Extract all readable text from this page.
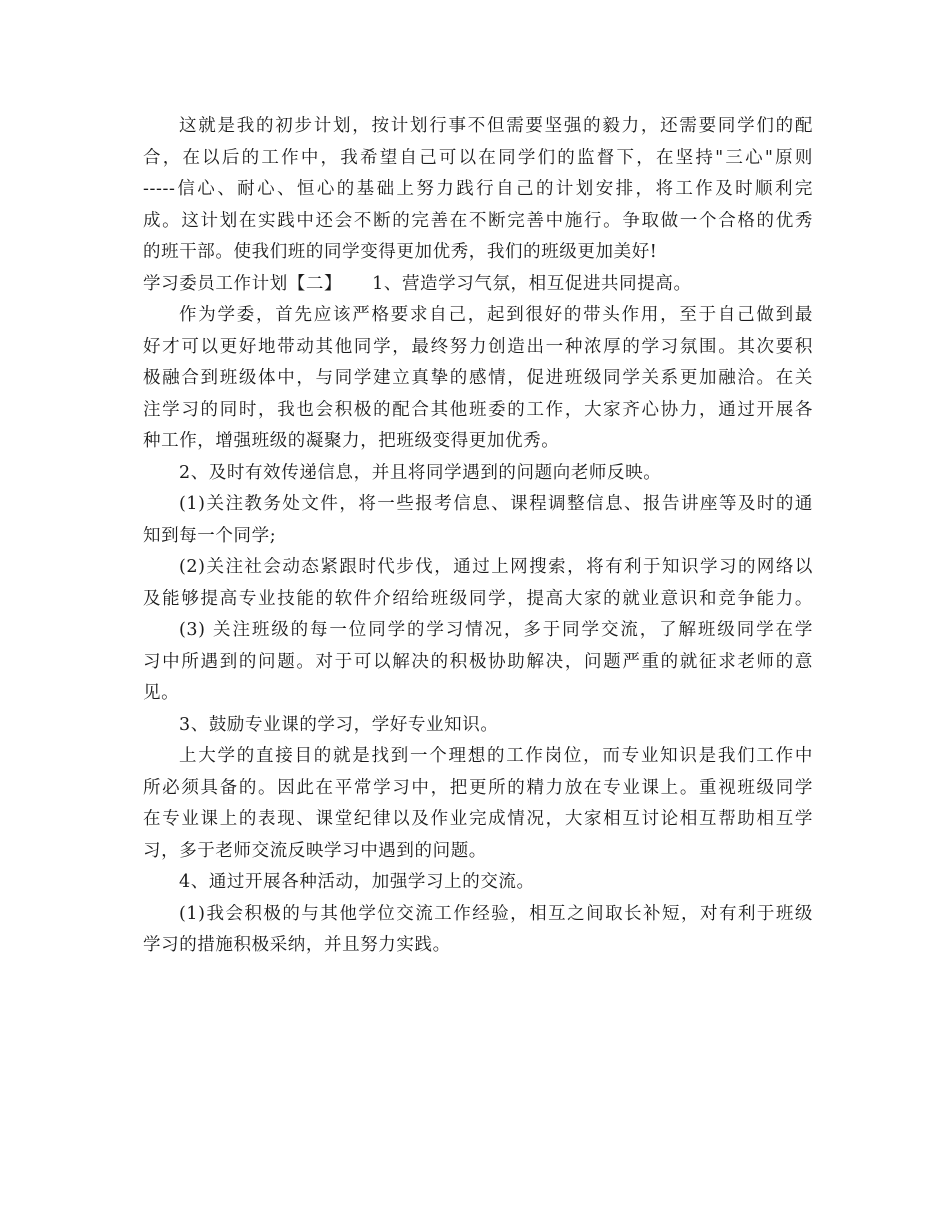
这就是我的初步计划，按计划行事不但需要坚强的毅力，还需要同学们的配
合，在以后的工作中，我希望自己可以在同学们的监督下，在坚持"三心"原则
-----信心、耐心、恒心的基础上努力践行自己的计划安排，将工作及时顺利完
成。这计划在实践中还会不断的完善在不断完善中施行。争取做一个合格的优秀
的班干部。使我们班的同学变得更加优秀，我们的班级更加美好!
学习委员工作计划【二】 1、营造学习气氛，相互促进共同提高。
作为学委，首先应该严格要求自己，起到很好的带头作用，至于自己做到最
好才可以更好地带动其他同学，最终努力创造出一种浓厚的学习氛围。其次要积
极融合到班级体中，与同学建立真挚的感情，促进班级同学关系更加融洽。在关
注学习的同时，我也会积极的配合其他班委的工作，大家齐心协力，通过开展各
种工作，增强班级的凝聚力，把班级变得更加优秀。
2、及时有效传递信息，并且将同学遇到的问题向老师反映。
(1)关注教务处文件，将一些报考信息、课程调整信息、报告讲座等及时的通
知到每一个同学;
(2)关注社会动态紧跟时代步伐，通过上网搜索，将有利于知识学习的网络以
及能够提高专业技能的软件介绍给班级同学，提高大家的就业意识和竞争能力。
(3) 关注班级的每一位同学的学习情况，多于同学交流，了解班级同学在学
习中所遇到的问题。对于可以解决的积极协助解决，问题严重的就征求老师的意
见。
3、鼓励专业课的学习，学好专业知识。
上大学的直接目的就是找到一个理想的工作岗位，而专业知识是我们工作中
所必须具备的。因此在平常学习中，把更所的精力放在专业课上。重视班级同学
在专业课上的表现、课堂纪律以及作业完成情况，大家相互讨论相互帮助相互学
习，多于老师交流反映学习中遇到的问题。
4、通过开展各种活动，加强学习上的交流。
(1)我会积极的与其他学位交流工作经验，相互之间取长补短，对有利于班级
学习的措施积极采纳，并且努力实践。
